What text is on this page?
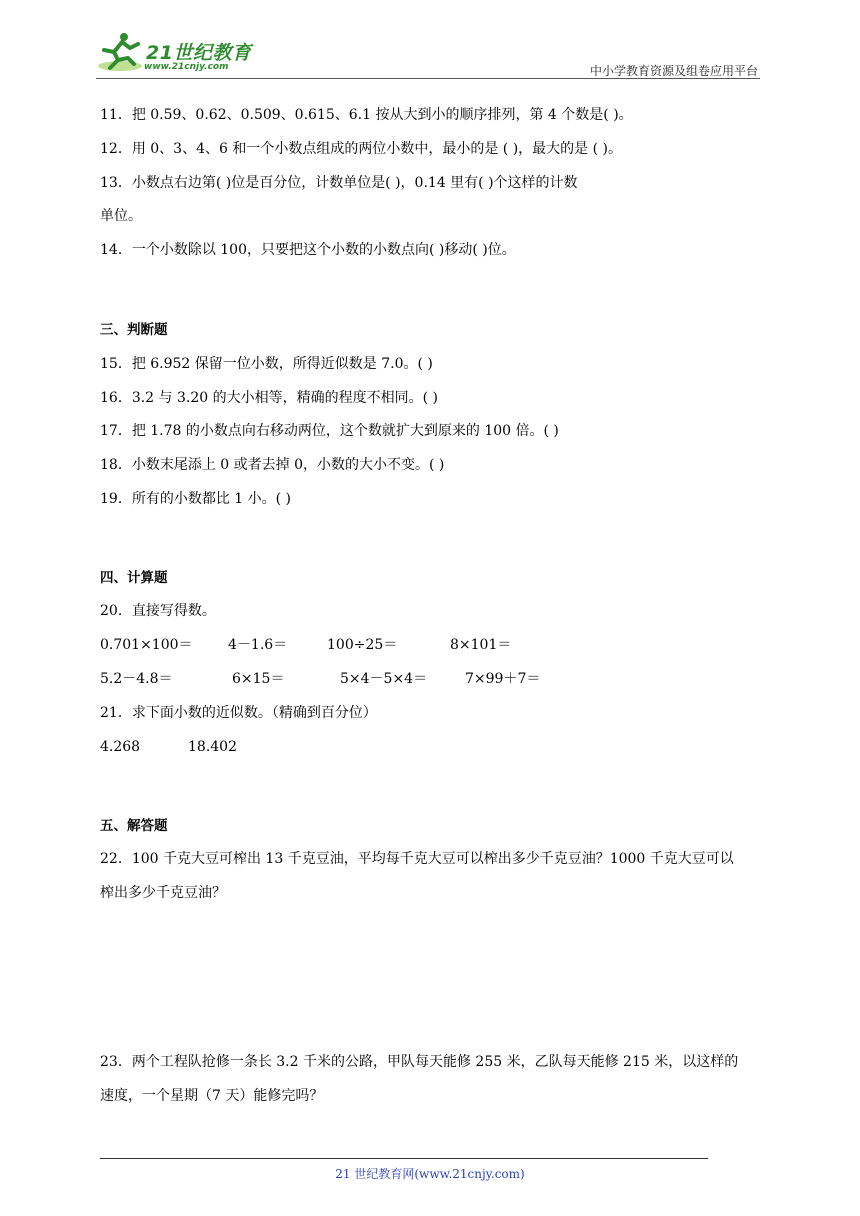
21世纪教育
www.21cnjy.com	中小学教育资源及组卷应用平台
11．把 0.59、0.62、0.509、0.615、6.1 按从大到小的顺序排列，第 4 个数是( )。
12．用 0、3、4、6 和一个小数点组成的两位小数中，最小的是 ( )，最大的是 ( )。
13．小数点右边第( )位是百分位，计数单位是( )，0.14 里有( )个这样的计数
单位。
14．一个小数除以 100，只要把这个小数的小数点向( )移动( )位。
三、判断题
15．把 6.952 保留一位小数，所得近似数是 7.0。( )
16．3.2 与 3.20 的大小相等，精确的程度不相同。( )
17．把 1.78 的小数点向右移动两位，这个数就扩大到原来的 100 倍。( )
18．小数末尾添上 0 或者去掉 0，小数的大小不变。( )
19．所有的小数都比 1 小。( )
四、计算题
20．直接写得数。
0.701×100＝	4－1.6＝	100÷25＝	8×101＝
5.2－4.8＝	6×15＝	5×4－5×4＝	7×99＋7＝
21．求下面小数的近似数。（精确到百分位）
4.268	18.402
五、解答题
22．100 千克大豆可榨出 13 千克豆油，平均每千克大豆可以榨出多少千克豆油？1000 千克大豆可以
榨出多少千克豆油？
23．两个工程队抢修一条长 3.2 千米的公路，甲队每天能修 255 米，乙队每天能修 215 米，以这样的
速度，一个星期（7 天）能修完吗？
21 世纪教育网(www.21cnjy.com)
